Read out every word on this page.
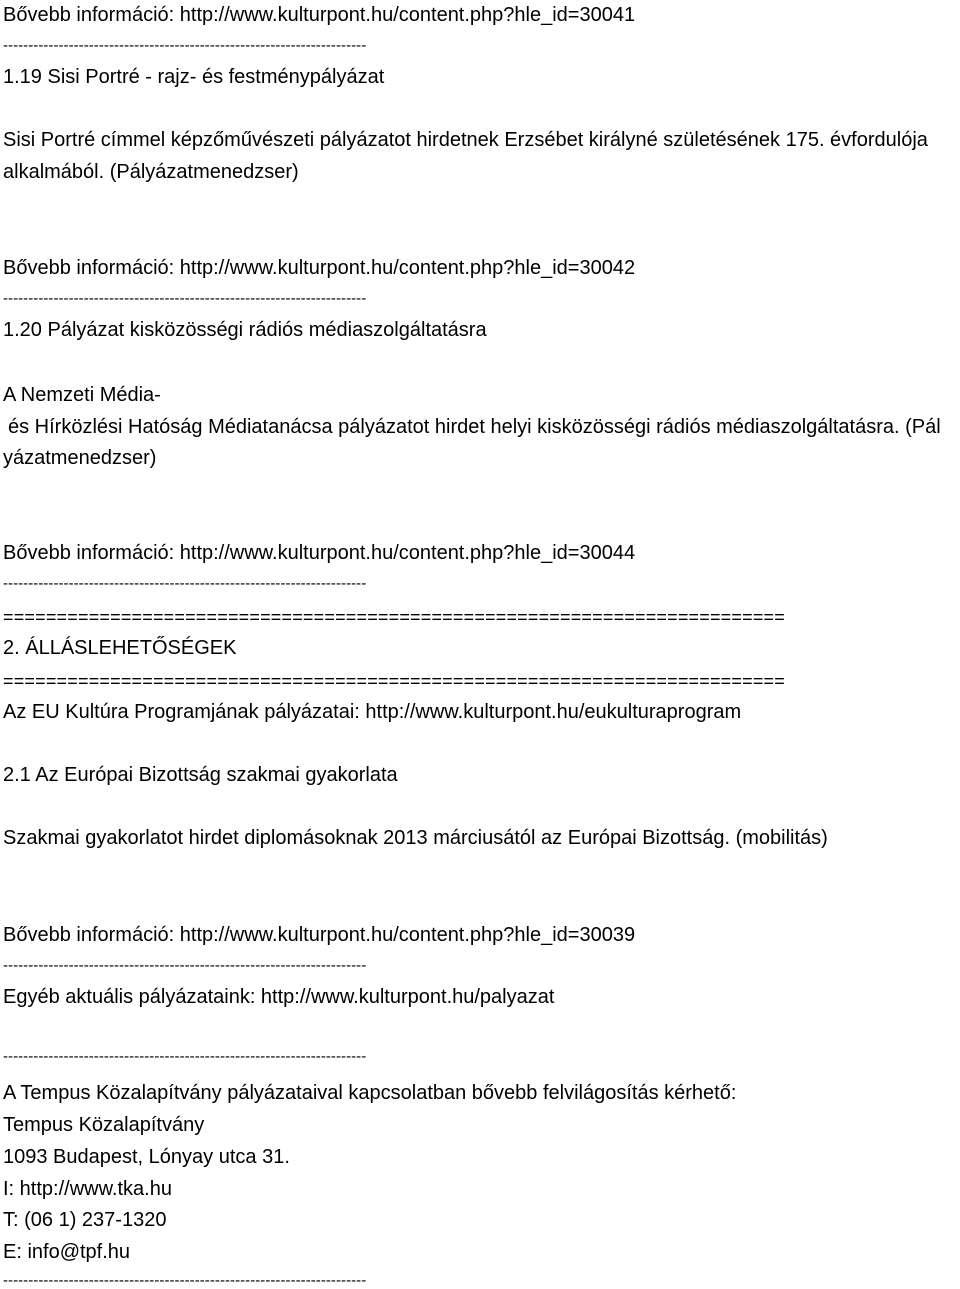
Bővebb információ: http://www.kulturpont.hu/content.php?hle_id=30041
------------------------------------------------------------------------
1.19 Sisi Portré - rajz- és festménypályázat
Sisi Portré címmel képzőművészeti pályázatot hirdetnek Erzsébet királyné születésének 175. évfordulója
alkalmából. (Pályázatmenedzser)
Bővebb információ: http://www.kulturpont.hu/content.php?hle_id=30042
------------------------------------------------------------------------
1.20 Pályázat kisközösségi rádiós médiaszolgáltatásra
A Nemzeti Média-
és Hírközlési Hatóság Médiatanácsa pályázatot hirdet helyi kisközösségi rádiós médiaszolgáltatásra. (Pál
yázatmenedzser)
Bővebb információ: http://www.kulturpont.hu/content.php?hle_id=30044
------------------------------------------------------------------------
=========================================================================
2. ÁLLÁSLEHETŐSÉGEK
=========================================================================
Az EU Kultúra Programjának pályázatai: http://www.kulturpont.hu/eukulturaprogram
2.1 Az Európai Bizottság szakmai gyakorlata
Szakmai gyakorlatot hirdet diplomásoknak 2013 márciusától az Európai Bizottság. (mobilitás)
Bővebb információ: http://www.kulturpont.hu/content.php?hle_id=30039
------------------------------------------------------------------------
Egyéb aktuális pályázataink: http://www.kulturpont.hu/palyazat
------------------------------------------------------------------------
A Tempus Közalapítvány pályázataival kapcsolatban bővebb felvilágosítás kérhető:
Tempus Közalapítvány
1093 Budapest, Lónyay utca 31.
I: http://www.tka.hu
T: (06 1) 237-1320
E: info@tpf.hu
------------------------------------------------------------------------
